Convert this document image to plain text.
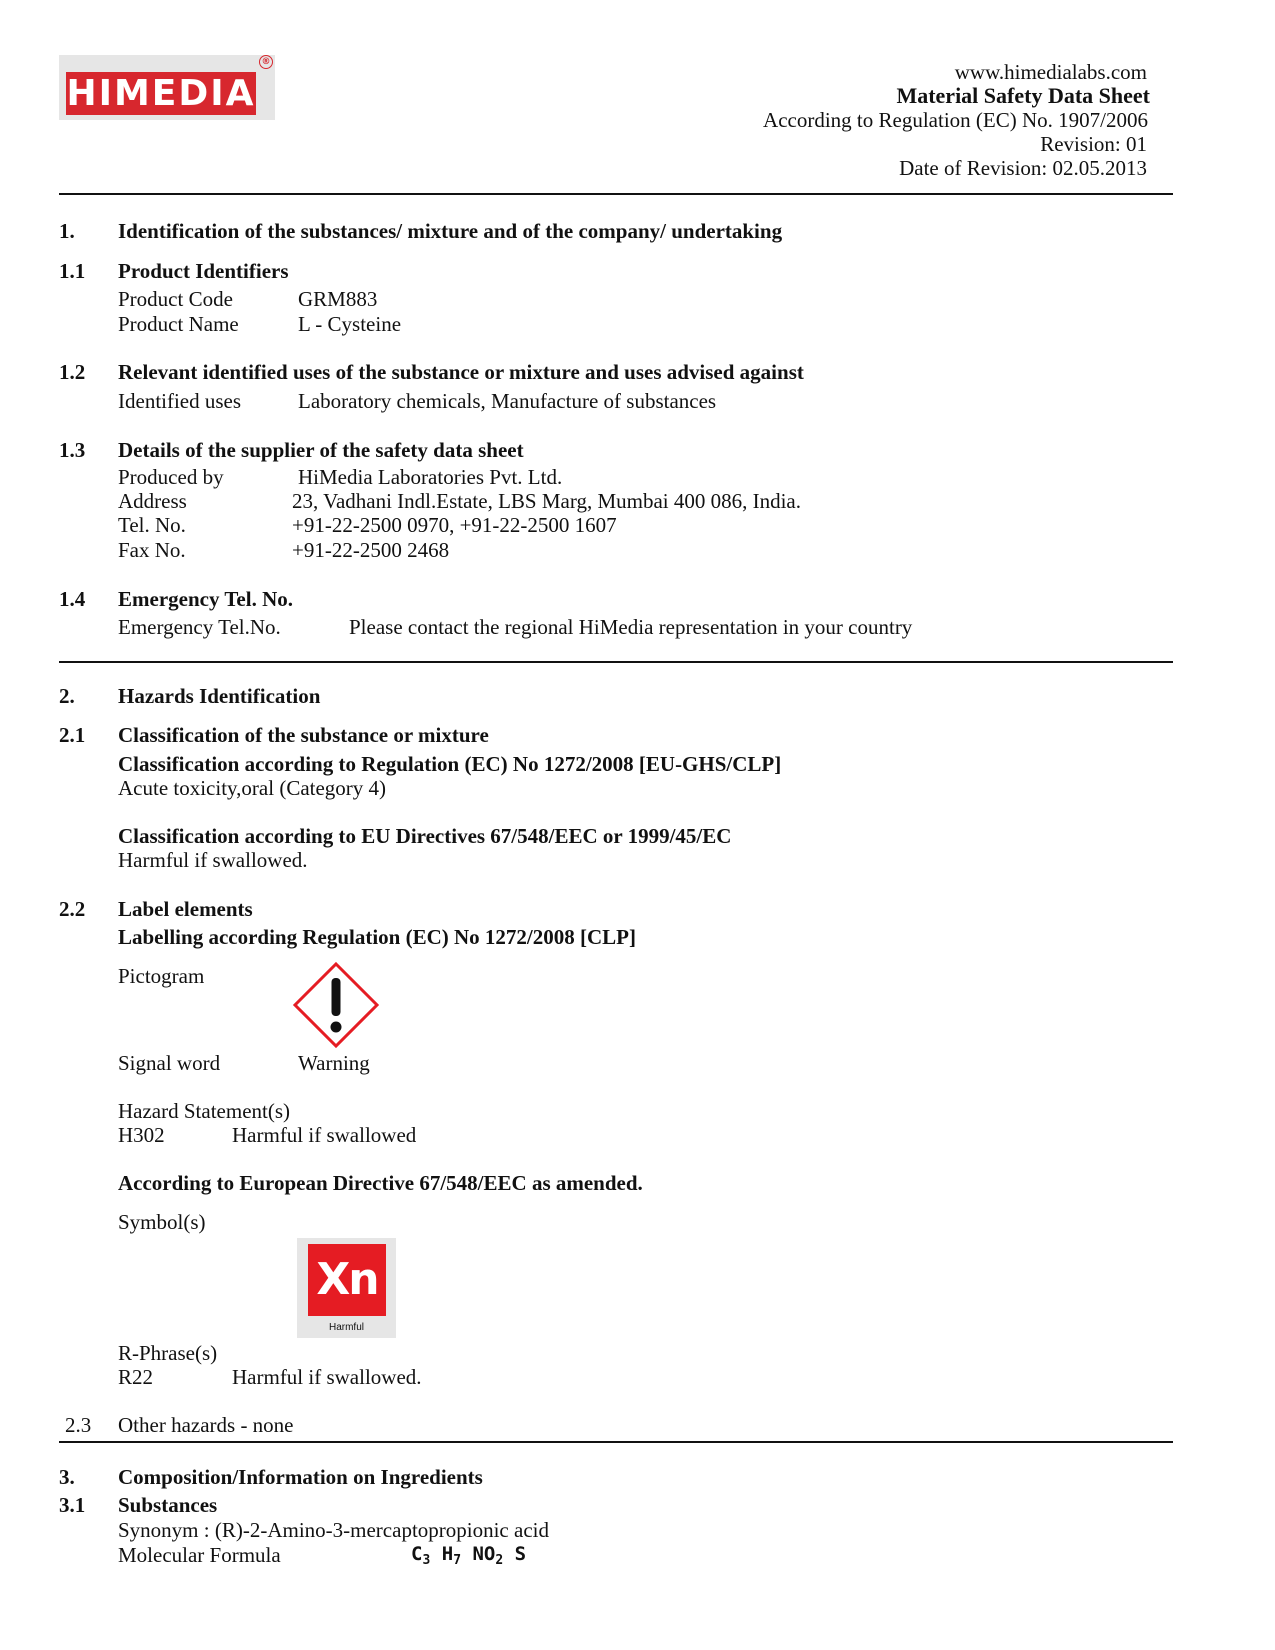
HIMEDIA
®	www.himedialabs.com
Material Safety Data Sheet
According to Regulation (EC) No. 1907/2006
Revision: 01
Date of Revision: 02.05.2013
1. Identification of the substances/ mixture and of the company/ undertaking
1.1 Product Identifiers
Product Code	GRM883
Product Name	L - Cysteine
1.2 Relevant identified uses of the substance or mixture and uses advised against
Identified uses	Laboratory chemicals, Manufacture of substances
1.3 Details of the supplier of the safety data sheet
Produced by	HiMedia Laboratories Pvt. Ltd.
Address	23, Vadhani Indl.Estate, LBS Marg, Mumbai 400 086, India.
Tel. No.	+91-22-2500 0970, +91-22-2500 1607
Fax No.	+91-22-2500 2468
1.4 Emergency Tel. No.
Emergency Tel.No.	Please contact the regional HiMedia representation in your country
2. Hazards Identification
2.1 Classification of the substance or mixture
Classification according to Regulation (EC) No 1272/2008 [EU-GHS/CLP]
Acute toxicity,oral (Category 4)
Classification according to EU Directives 67/548/EEC or 1999/45/EC
Harmful if swallowed.
2.2 Label elements
Labelling according Regulation (EC) No 1272/2008 [CLP]
Pictogram
Signal word	Warning
Hazard Statement(s)
H302	Harmful if swallowed
According to European Directive 67/548/EEC as amended.
Symbol(s)
Xn
Harmful
R-Phrase(s)
R22	Harmful if swallowed.
2.3 Other hazards - none
3. Composition/Information on Ingredients
3.1 Substances
Synonym : (R)-2-Amino-3-mercaptopropionic acid
Molecular Formula	$C_3$ $H_7$ $NO_2$ S
